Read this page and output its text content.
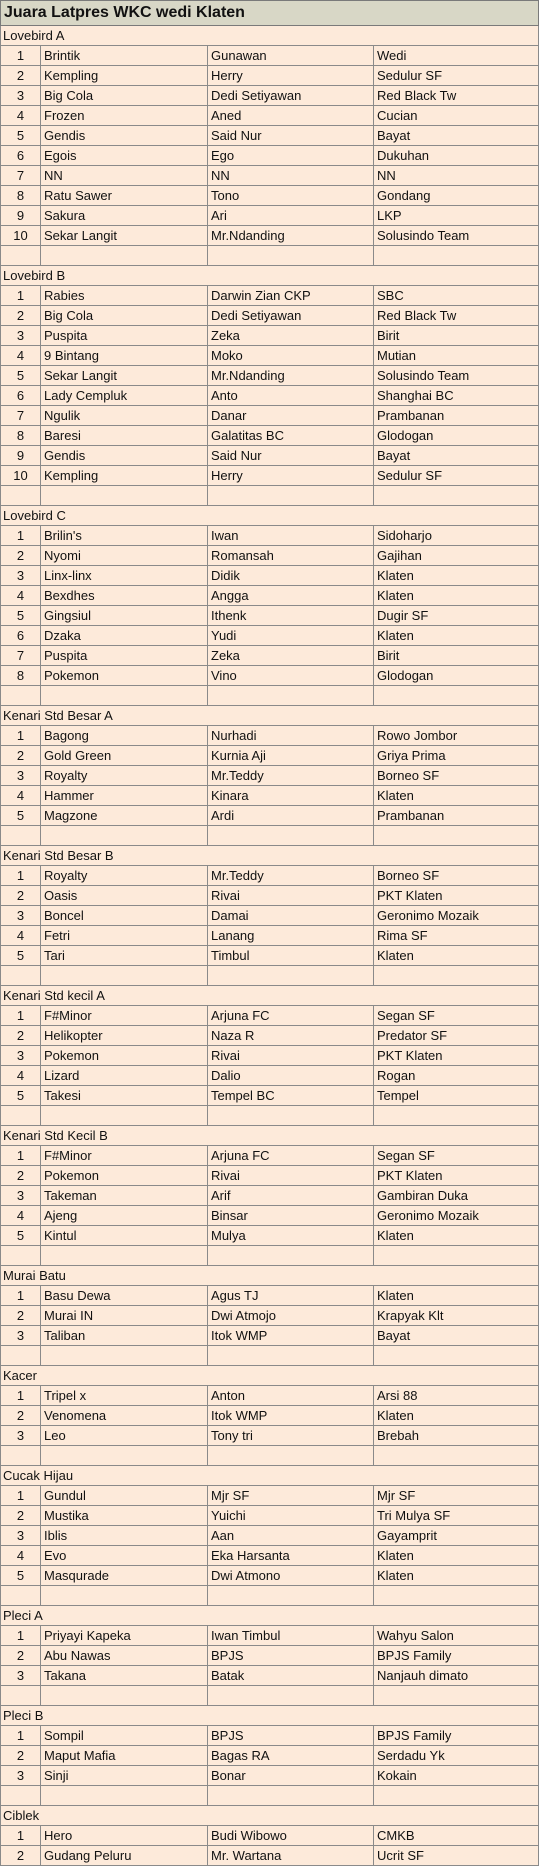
Juara Latpres WKC wedi Klaten
Lovebird A
1	Brintik	Gunawan	Wedi
2	Kempling	Herry	Sedulur SF
3	Big Cola	Dedi Setiyawan	Red Black Tw
4	Frozen	Aned	Cucian
5	Gendis	Said Nur	Bayat
6	Egois	Ego	Dukuhan
7	NN	NN	NN
8	Ratu Sawer	Tono	Gondang
9	Sakura	Ari	LKP
10	Sekar Langit	Mr.Ndanding	Solusindo Team
Lovebird B
1	Rabies	Darwin Zian CKP	SBC
2	Big Cola	Dedi Setiyawan	Red Black Tw
3	Puspita	Zeka	Birit
4	9 Bintang	Moko	Mutian
5	Sekar Langit	Mr.Ndanding	Solusindo Team
6	Lady Cempluk	Anto	Shanghai BC
7	Ngulik	Danar	Prambanan
8	Baresi	Galatitas BC	Glodogan
9	Gendis	Said Nur	Bayat
10	Kempling	Herry	Sedulur SF
Lovebird C
1	Brilin's	Iwan	Sidoharjo
2	Nyomi	Romansah	Gajihan
3	Linx-linx	Didik	Klaten
4	Bexdhes	Angga	Klaten
5	Gingsiul	Ithenk	Dugir SF
6	Dzaka	Yudi	Klaten
7	Puspita	Zeka	Birit
8	Pokemon	Vino	Glodogan
Kenari Std Besar A
1	Bagong	Nurhadi	Rowo Jombor
2	Gold Green	Kurnia Aji	Griya Prima
3	Royalty	Mr.Teddy	Borneo SF
4	Hammer	Kinara	Klaten
5	Magzone	Ardi	Prambanan
Kenari Std Besar B
1	Royalty	Mr.Teddy	Borneo SF
2	Oasis	Rivai	PKT Klaten
3	Boncel	Damai	Geronimo Mozaik
4	Fetri	Lanang	Rima SF
5	Tari	Timbul	Klaten
Kenari Std kecil A
1	F#Minor	Arjuna FC	Segan SF
2	Helikopter	Naza R	Predator SF
3	Pokemon	Rivai	PKT Klaten
4	Lizard	Dalio	Rogan
5	Takesi	Tempel BC	Tempel
Kenari Std Kecil B
1	F#Minor	Arjuna FC	Segan SF
2	Pokemon	Rivai	PKT Klaten
3	Takeman	Arif	Gambiran Duka
4	Ajeng	Binsar	Geronimo Mozaik
5	Kintul	Mulya	Klaten
Murai Batu
1	Basu Dewa	Agus TJ	Klaten
2	Murai IN	Dwi Atmojo	Krapyak Klt
3	Taliban	Itok WMP	Bayat
Kacer
1	Tripel x	Anton	Arsi 88
2	Venomena	Itok WMP	Klaten
3	Leo	Tony tri	Brebah
Cucak Hijau
1	Gundul	Mjr SF	Mjr SF
2	Mustika	Yuichi	Tri Mulya SF
3	Iblis	Aan	Gayamprit
4	Evo	Eka Harsanta	Klaten
5	Masqurade	Dwi Atmono	Klaten
Pleci A
1	Priyayi Kapeka	Iwan Timbul	Wahyu Salon
2	Abu Nawas	BPJS	BPJS Family
3	Takana	Batak	Nanjauh dimato
Pleci B
1	Sompil	BPJS	BPJS Family
2	Maput Mafia	Bagas RA	Serdadu Yk
3	Sinji	Bonar	Kokain
Ciblek
1	Hero	Budi Wibowo	CMKB
2	Gudang Peluru	Mr. Wartana	Ucrit SF
